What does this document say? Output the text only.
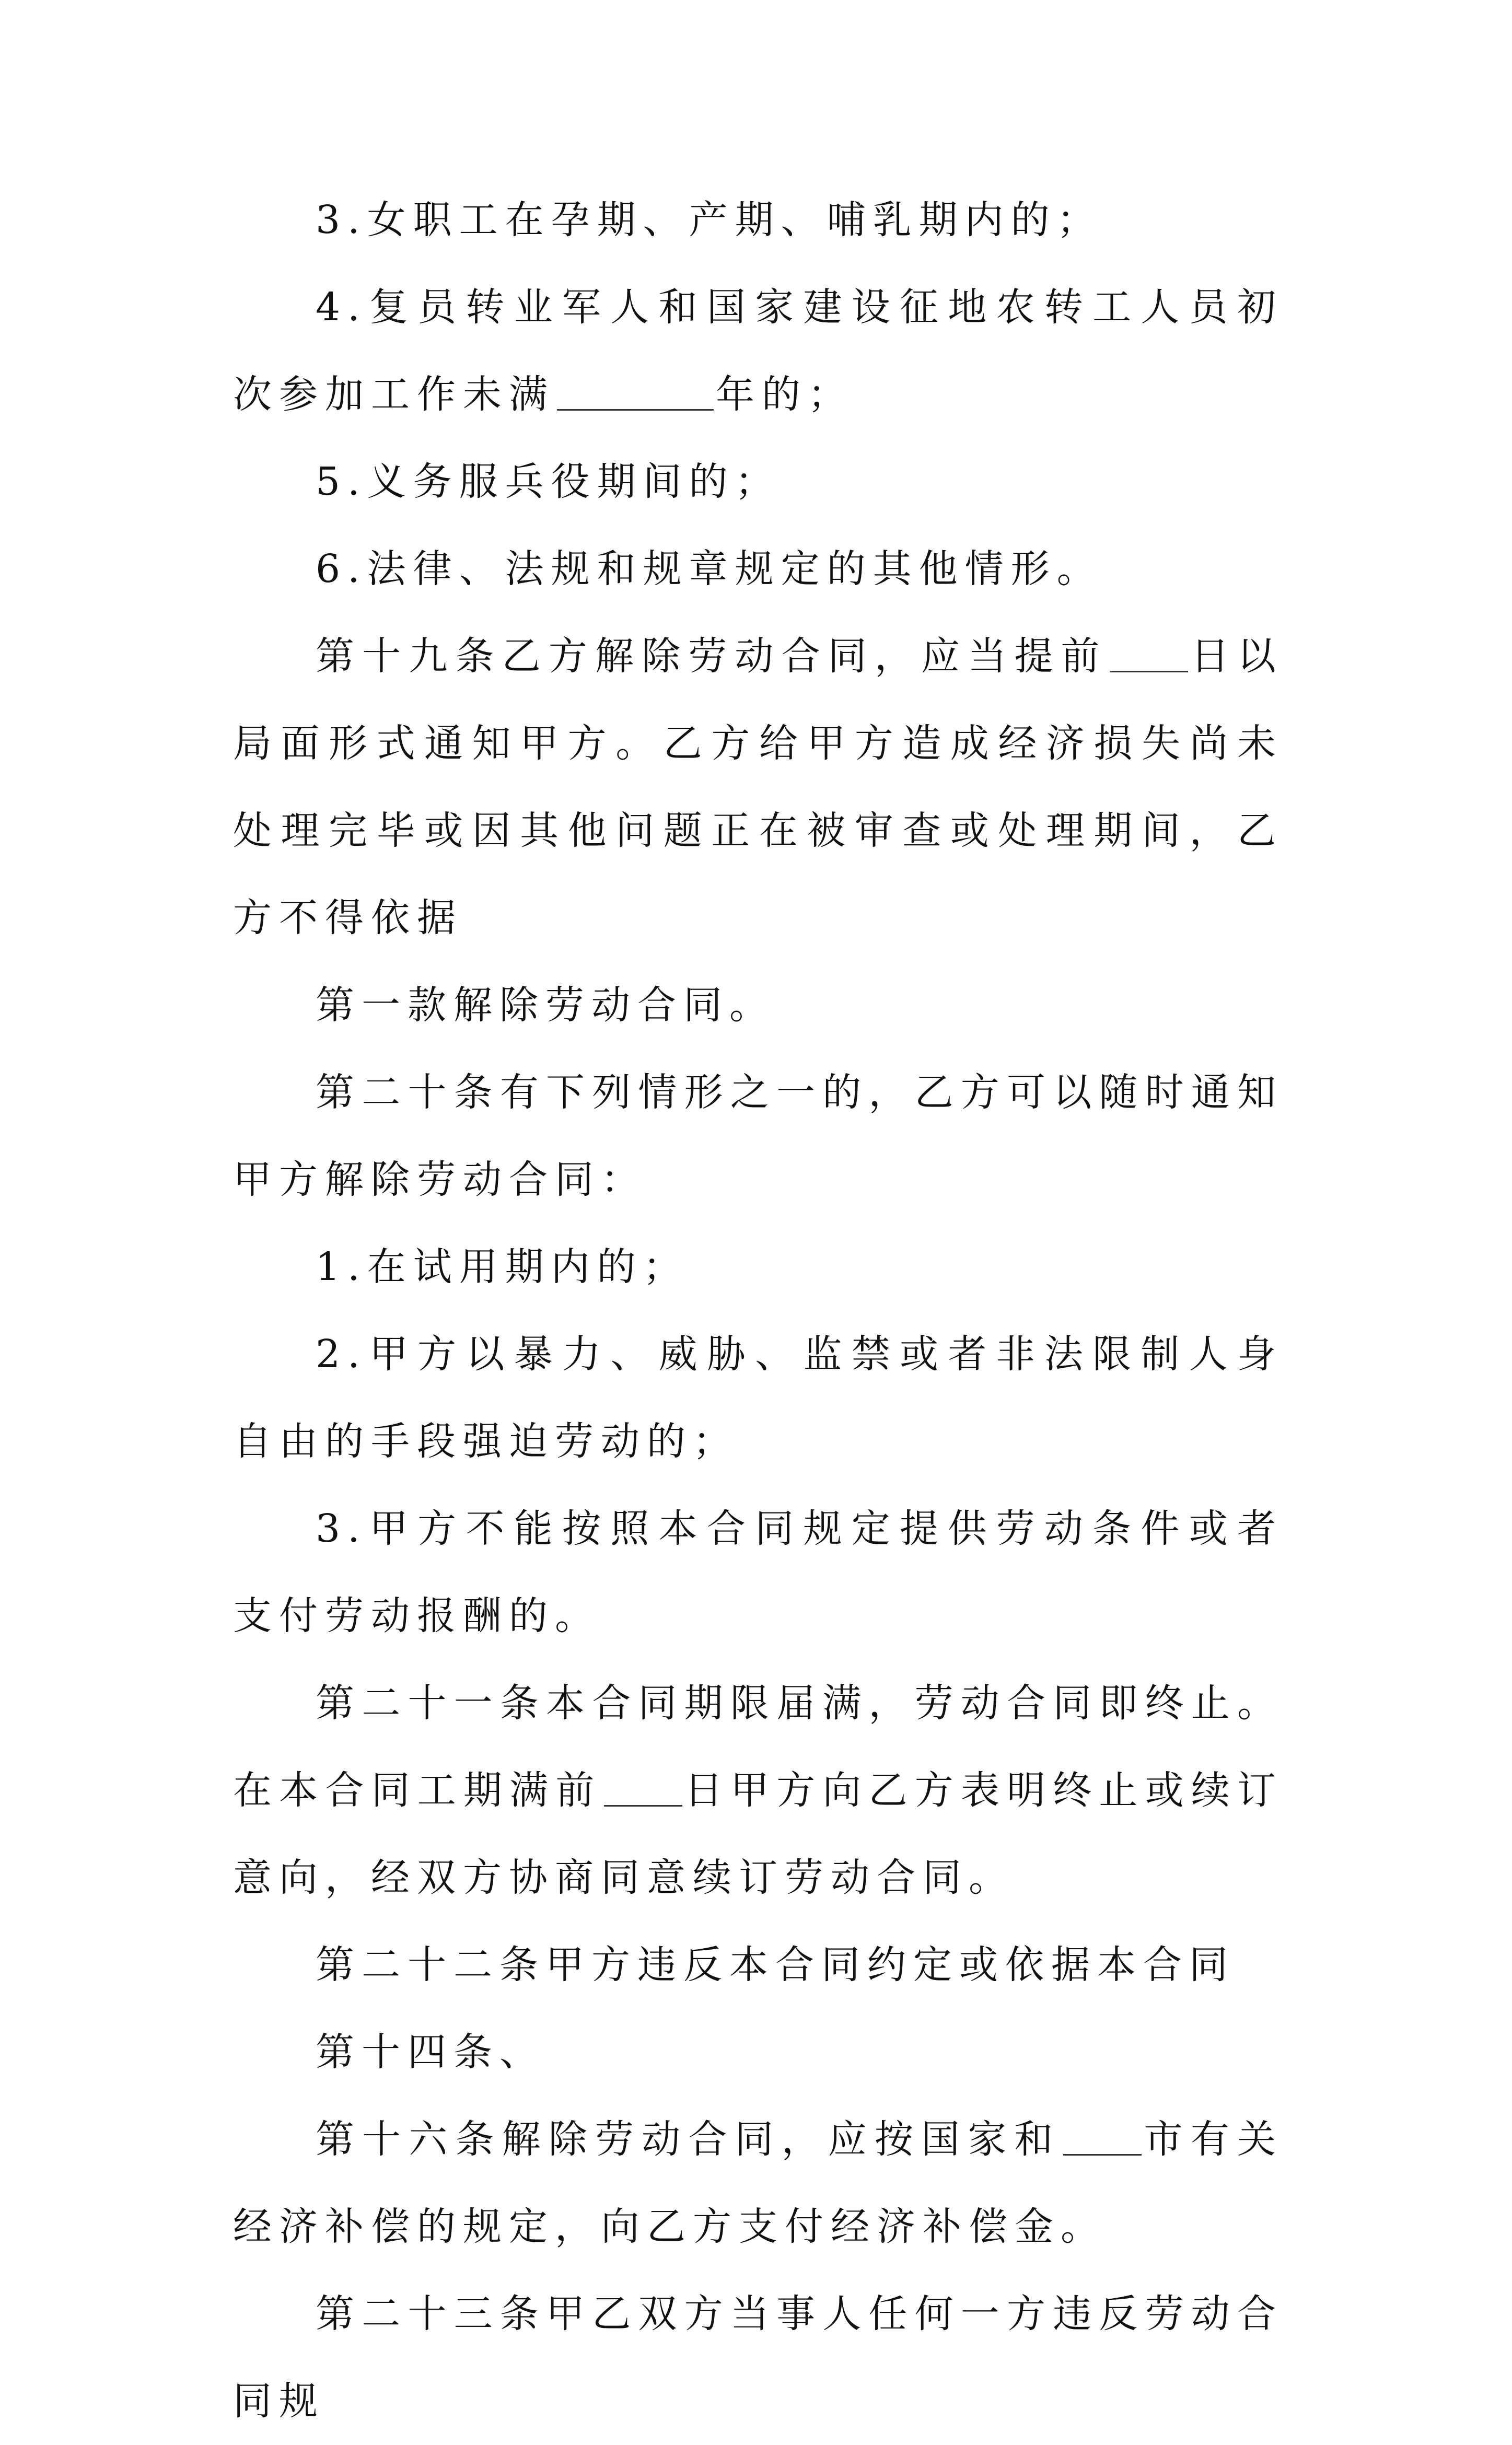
3.女职工在孕期、产期、哺乳期内的；

4.复员转业军人和国家建设征地农转工人员初次参加工作未满	年的；

5.义务服兵役期间的；

6.法律、法规和规章规定的其他情形。

第十九条乙方解除劳动合同，应当提前 日以局面形式通知甲方。乙方给甲方造成经济损失尚未处理完毕或因其他问题正在被审查或处理期间，乙方不得依据

第一款解除劳动合同。

第二十条有下列情形之一的，乙方可以随时通知甲方解除劳动合同：

1.在试用期内的；

2.甲方以暴力、威胁、监禁或者非法限制人身自由的手段强迫劳动的；

3.甲方不能按照本合同规定提供劳动条件或者支付劳动报酬的。

第二十一条本合同期限届满，劳动合同即终止。在本合同工期满前 日甲方向乙方表明终止或续订意向，经双方协商同意续订劳动合同。

第二十二条甲方违反本合同约定或依据本合同

第十四条、

第十六条解除劳动合同，应按国家和 市有关经济补偿的规定，向乙方支付经济补偿金。

第二十三条甲乙双方当事人任何一方违反劳动合同规
